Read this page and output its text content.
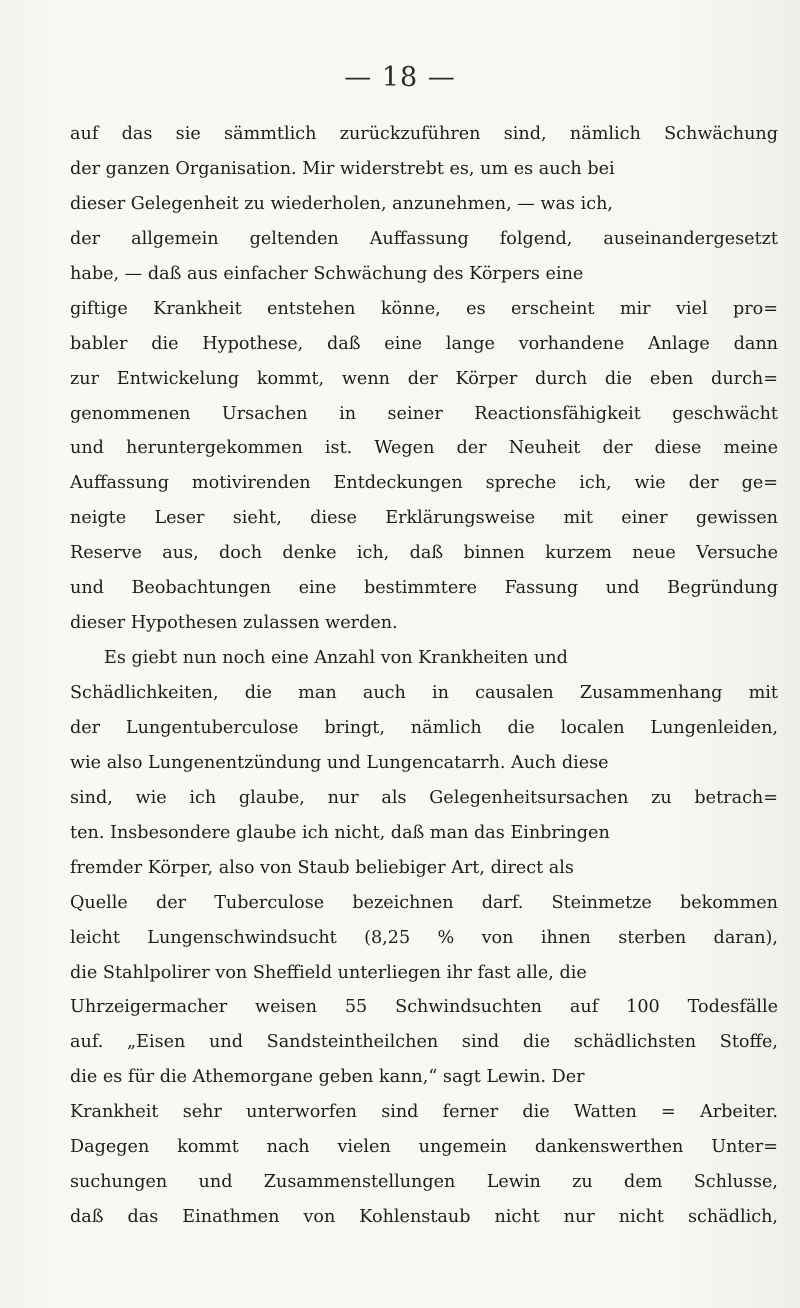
— 18 —
auf das sie sämmtlich zurückzuführen sind, nämlich Schwächung
der ganzen Organisation. Mir widerstrebt es, um es auch bei
dieser Gelegenheit zu wiederholen, anzunehmen, — was ich,
der allgemein geltenden Auffassung folgend, auseinandergesetzt
habe, — daß aus einfacher Schwächung des Körpers eine
giftige Krankheit entstehen könne, es erscheint mir viel pro=
babler die Hypothese, daß eine lange vorhandene Anlage dann
zur Entwickelung kommt, wenn der Körper durch die eben durch=
genommenen Ursachen in seiner Reactionsfähigkeit geschwächt
und heruntergekommen ist. Wegen der Neuheit der diese meine
Auffassung motivirenden Entdeckungen spreche ich, wie der ge=
neigte Leser sieht, diese Erklärungsweise mit einer gewissen
Reserve aus, doch denke ich, daß binnen kurzem neue Versuche
und Beobachtungen eine bestimmtere Fassung und Begründung
dieser Hypothesen zulassen werden.
Es giebt nun noch eine Anzahl von Krankheiten und
Schädlichkeiten, die man auch in causalen Zusammenhang mit
der Lungentuberculose bringt, nämlich die localen Lungenleiden,
wie also Lungenentzündung und Lungencatarrh. Auch diese
sind, wie ich glaube, nur als Gelegenheitsursachen zu betrach=
ten. Insbesondere glaube ich nicht, daß man das Einbringen
fremder Körper, also von Staub beliebiger Art, direct als
Quelle der Tuberculose bezeichnen darf. Steinmetze bekommen
leicht Lungenschwindsucht (8,25 % von ihnen sterben daran),
die Stahlpolirer von Sheffield unterliegen ihr fast alle, die
Uhrzeigermacher weisen 55 Schwindsuchten auf 100 Todesfälle
auf. „Eisen und Sandsteintheilchen sind die schädlichsten Stoffe,
die es für die Athemorgane geben kann,“ sagt Lewin. Der
Krankheit sehr unterworfen sind ferner die Watten = Arbeiter.
Dagegen kommt nach vielen ungemein dankenswerthen Unter=
suchungen und Zusammenstellungen Lewin zu dem Schlusse,
daß das Einathmen von Kohlenstaub nicht nur nicht schädlich,
